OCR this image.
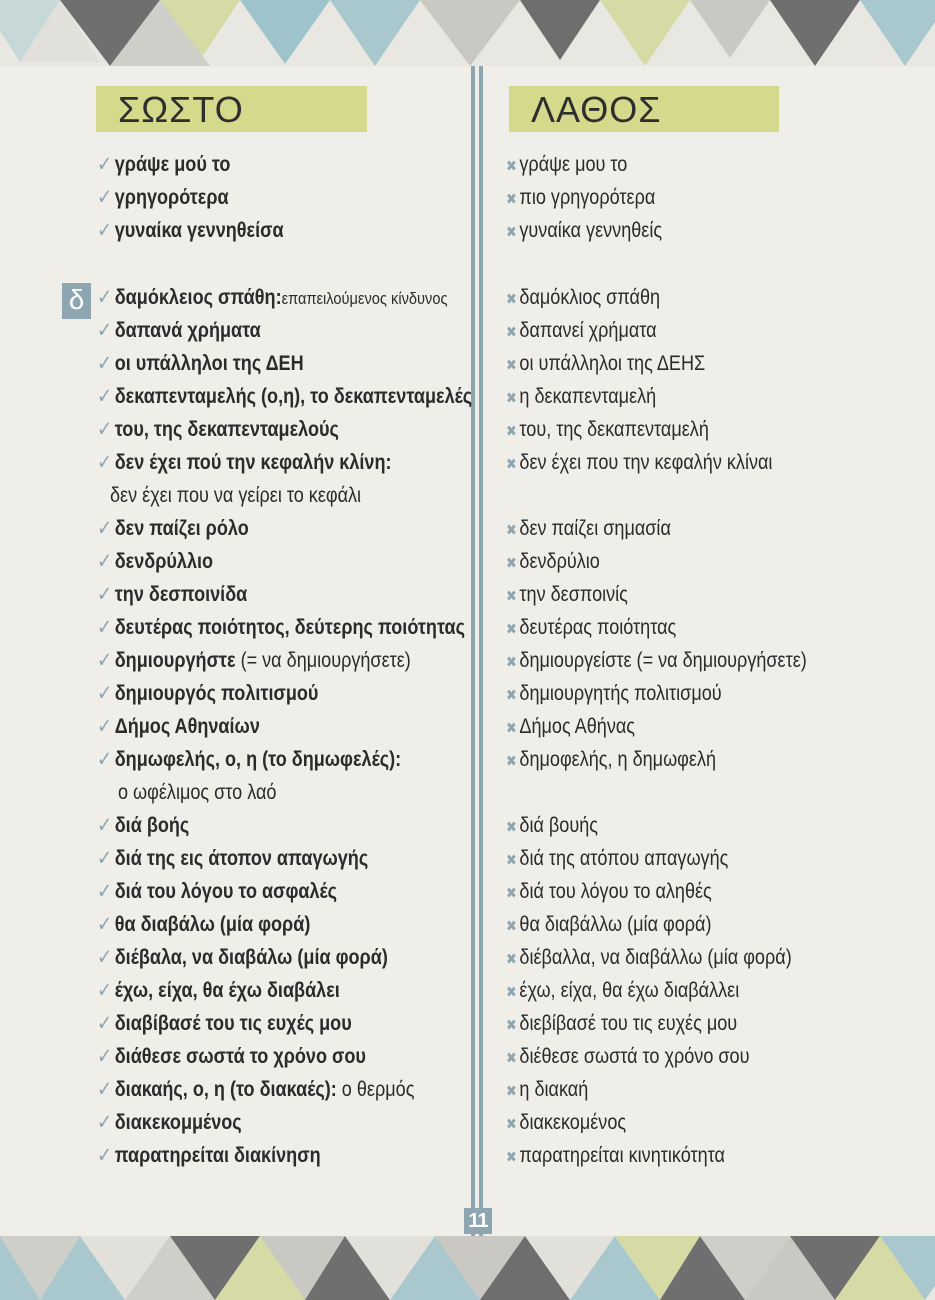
ΣΩΣΤΟ	ΛΑΘΟΣ
δ
✓ γράψε μού το
✓ γρηγορότερα
✓ γυναίκα γεννηθείσα
✓ δαμόκλειος σπάθη:επαπειλούμενος κίνδυνος
✓ δαπανά χρήματα
✓ οι υπάλληλοι της ΔΕΗ
✓ δεκαπενταμελής (ο,η), το δεκαπενταμελές
✓ του, της δεκαπενταμελούς
✓ δεν έχει πού την κεφαλήν κλίνη:
δεν έχει που να γείρει το κεφάλι
✓ δεν παίζει ρόλο
✓ δενδρύλλιο
✓ την δεσποινίδα
✓ δευτέρας ποιότητος, δεύτερης ποιότητας
✓ δημιουργήστε (= να δημιουργήσετε)
✓ δημιουργός πολιτισμού
✓ Δήμος Αθηναίων
✓ δημωφελής, ο, η (το δημωφελές):
ο ωφέλιμος στο λαό
✓ διά βοής
✓ διά της εις άτοπον απαγωγής
✓ διά του λόγου το ασφαλές
✓ θα διαβάλω (μία φορά)
✓ διέβαλα, να διαβάλω (μία φορά)
✓ έχω, είχα, θα έχω διαβάλει
✓ διαβίβασέ του τις ευχές μου
✓ διάθεσε σωστά το χρόνο σου
✓ διακαής, ο, η (το διακαές): ο θερμός
✓ διακεκομμένος
✓ παρατηρείται διακίνηση
✖ γράψε μου το
✖ πιο γρηγορότερα
✖ γυναίκα γεννηθείς
✖ δαμόκλιος σπάθη
✖ δαπανεί χρήματα
✖ οι υπάλληλοι της ΔΕΗΣ
✖ η δεκαπενταμελή
✖ του, της δεκαπενταμελή
✖ δεν έχει που την κεφαλήν κλίναι
✖ δεν παίζει σημασία
✖ δενδρύλιο
✖ την δεσποινίς
✖ δευτέρας ποιότητας
✖ δημιουργείστε (= να δημιουργήσετε)
✖ δημιουργητής πολιτισμού
✖ Δήμος Αθήνας
✖ δημοφελής, η δημωφελή
✖ διά βουής
✖ διά της ατόπου απαγωγής
✖ διά του λόγου το αληθές
✖ θα διαβάλλω (μία φορά)
✖ διέβαλλα, να διαβάλλω (μία φορά)
✖ έχω, είχα, θα έχω διαβάλλει
✖ διεβίβασέ του τις ευχές μου
✖ διέθεσε σωστά το χρόνο σου
✖ η διακαή
✖ διακεκομένος
✖ παρατηρείται κινητικότητα
11
